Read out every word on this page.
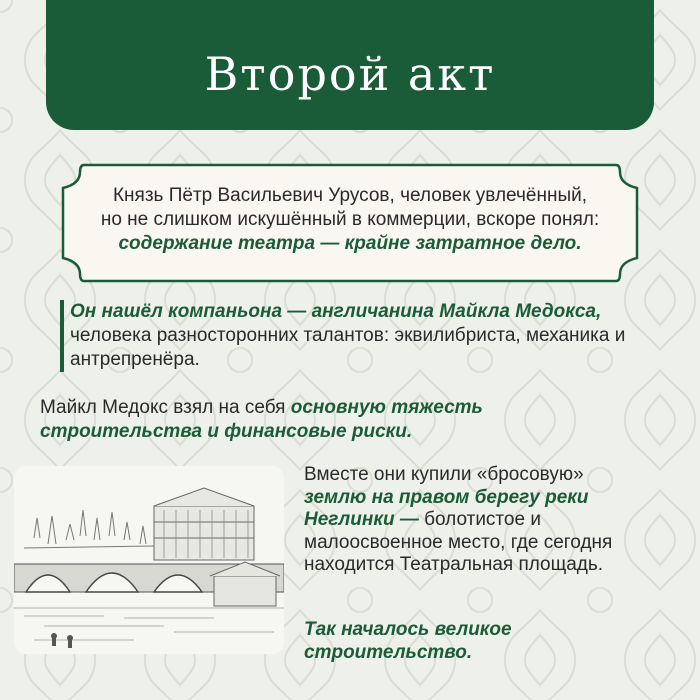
Второй акт
Князь Пётр Васильевич Урусов, человек увлечённый, но не слишком искушённый в коммерции, вскоре понял: содержание театра — крайне затратное дело.
Он нашёл компаньона — англичанина Майкла Медокса, человека разносторонних талантов: эквилибриста, механика и антрепренёра.
Майкл Медокс взял на себя основную тяжесть строительства и финансовые риски.
Вместе они купили «бросовую» землю на правом берегу реки Неглинки — болотистое и малоосвоенное место, где сегодня находится Театральная площадь.
Так началось великое строительство.
